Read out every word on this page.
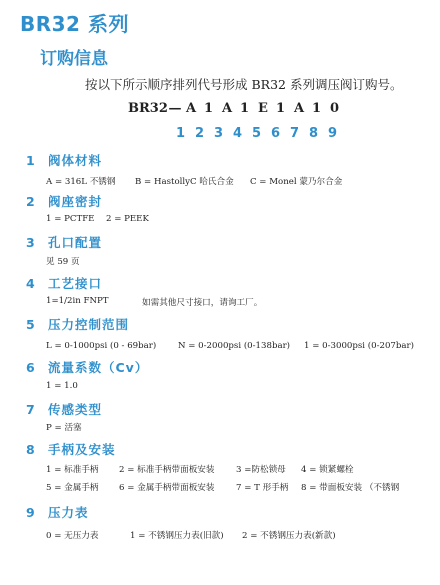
BR32 系列
订购信息
按以下所示顺序排列代号形成 BR32 系列调压阀订购号。
BR32 — A 1 A 1 E 1 A 1 0
1 2 3 4 5 6 7 8 9
1	阀体材料
A = 316L 不锈钢 B = HastollyC 哈氏合金 C = Monel 蒙乃尔合金
2	阀座密封
1 = PCTFE 2 = PEEK
3	孔口配置
见 59 页
4	工艺接口
1=1/2in FNPT	如需其他尺寸接口，请询工厂。
5	压力控制范围
L = 0-1000psi (0 - 69bar)	N = 0-2000psi (0-138bar) 1 = 0-3000psi (0-207bar)
6	流量系数（Cv）
1 = 1.0
7	传感类型
P = 活塞
8	手柄及安装
1 = 标准手柄 2 = 标准手柄带面板安装	3 =防松锁母 4 = 锁紧螺栓
5 = 金属手柄 6 = 金属手柄带面板安装	7 = T 形手柄 8 = 带面板安装 （不锈钢
9	压力表
0 = 无压力表	1 = 不锈钢压力表(旧款) 2 = 不锈钢压力表(新款)
